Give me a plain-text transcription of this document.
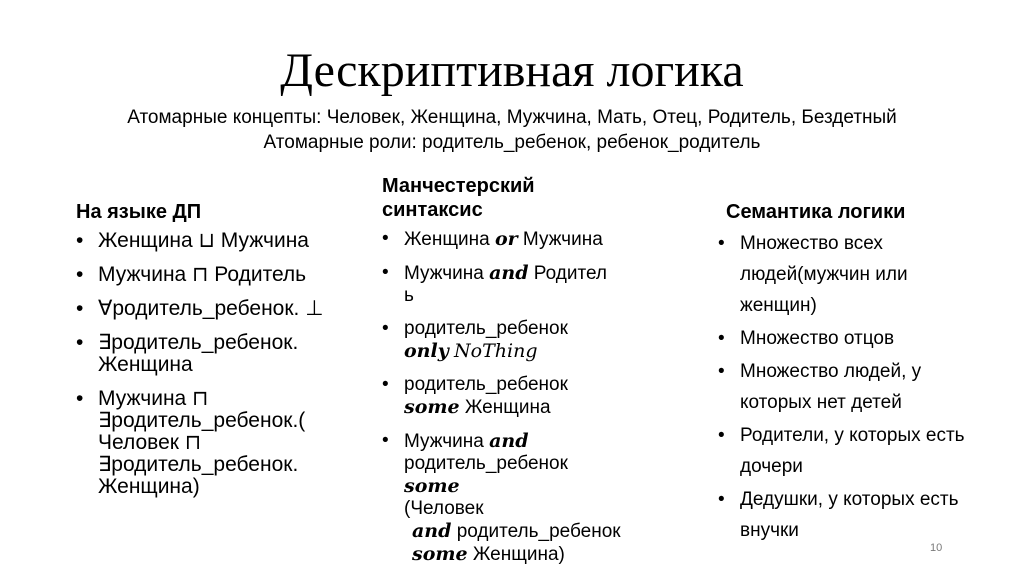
Дескриптивная логика
Атомарные концепты: Человек, Женщина, Мужчина, Мать, Отец, Родитель, Бездетный
Атомарные роли: родитель_ребенок, ребенок_родитель
На языке ДП
• Женщина ⊔ Мужчина
• Мужчина ⊓ Родитель
• ∀родитель_ребенок. ⊥
• ∃родитель_ребенок. Женщина
• Мужчина ⊓ ∃родитель_ребенок.( Человек ⊓ ∃родитель_ребенок. Женщина)
Манчестерский
синтаксис
• Женщина or Мужчина
• Мужчина and Родител
ь
• родитель_ребенок
only NoThing
• родитель_ребенок
some Женщина
• Мужчина and
родитель_ребенок
some
(Человек
and родитель_ребенок
some Женщина)
Семантика логики
• Множество всех людей(мужчин или женщин)
• Множество отцов
• Множество людей, у которых нет детей
• Родители, у которых есть дочери
• Дедушки, у которых есть внучки
10
